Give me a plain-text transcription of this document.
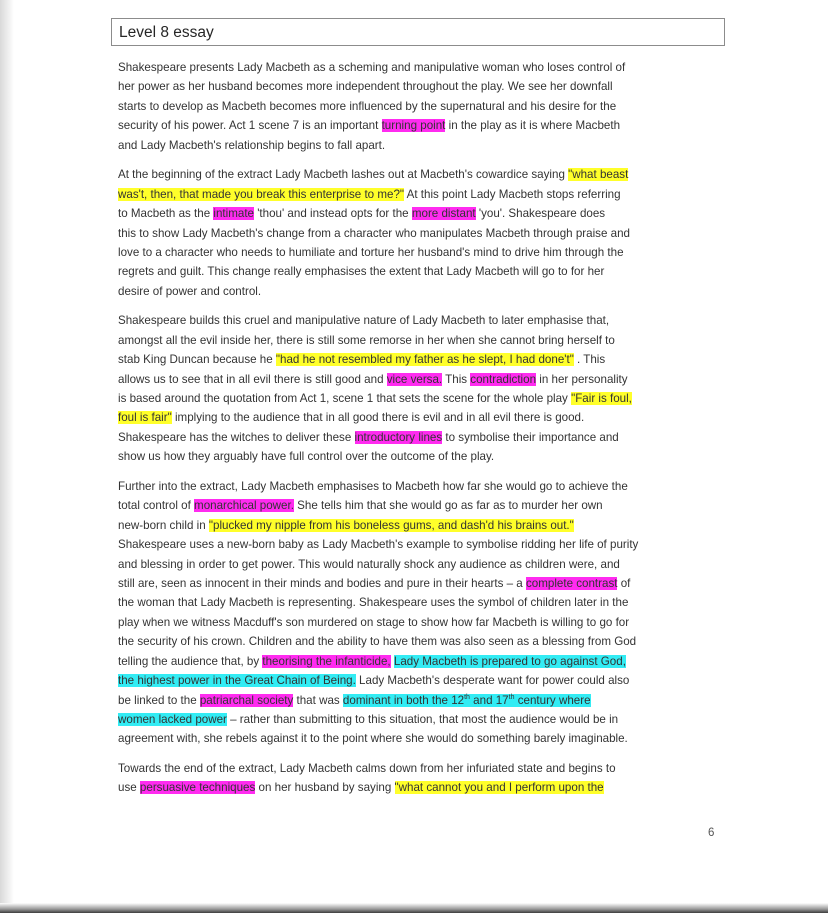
Level 8 essay

Shakespeare presents Lady Macbeth as a scheming and manipulative woman who loses control of
her power as her husband becomes more independent throughout the play. We see her downfall
starts to develop as Macbeth becomes more influenced by the supernatural and his desire for the
security of his power. Act 1 scene 7 is an important turning point in the play as it is where Macbeth
and Lady Macbeth's relationship begins to fall apart.

At the beginning of the extract Lady Macbeth lashes out at Macbeth's cowardice saying "what beast
was't, then, that made you break this enterprise to me?" At this point Lady Macbeth stops referring
to Macbeth as the intimate 'thou' and instead opts for the more distant 'you'. Shakespeare does
this to show Lady Macbeth's change from a character who manipulates Macbeth through praise and
love to a character who needs to humiliate and torture her husband's mind to drive him through the
regrets and guilt. This change really emphasises the extent that Lady Macbeth will go to for her
desire of power and control.

Shakespeare builds this cruel and manipulative nature of Lady Macbeth to later emphasise that,
amongst all the evil inside her, there is still some remorse in her when she cannot bring herself to
stab King Duncan because he "had he not resembled my father as he slept, I had done't" . This
allows us to see that in all evil there is still good and vice versa. This contradiction in her personality
is based around the quotation from Act 1, scene 1 that sets the scene for the whole play "Fair is foul,
foul is fair" implying to the audience that in all good there is evil and in all evil there is good.
Shakespeare has the witches to deliver these introductory lines to symbolise their importance and
show us how they arguably have full control over the outcome of the play.

Further into the extract, Lady Macbeth emphasises to Macbeth how far she would go to achieve the
total control of monarchical power. She tells him that she would go as far as to murder her own
new-born child in "plucked my nipple from his boneless gums, and dash'd his brains out."
Shakespeare uses a new-born baby as Lady Macbeth's example to symbolise ridding her life of purity
and blessing in order to get power. This would naturally shock any audience as children were, and
still are, seen as innocent in their minds and bodies and pure in their hearts – a complete contrast of
the woman that Lady Macbeth is representing. Shakespeare uses the symbol of children later in the
play when we witness Macduff's son murdered on stage to show how far Macbeth is willing to go for
the security of his crown. Children and the ability to have them was also seen as a blessing from God
telling the audience that, by theorising the infanticide, Lady Macbeth is prepared to go against God,
the highest power in the Great Chain of Being. Lady Macbeth's desperate want for power could also
be linked to the patriarchal society that was dominant in both the 12th and 17th century where
women lacked power – rather than submitting to this situation, that most the audience would be in
agreement with, she rebels against it to the point where she would do something barely imaginable.

Towards the end of the extract, Lady Macbeth calms down from her infuriated state and begins to
use persuasive techniques on her husband by saying "what cannot you and I perform upon the

6
